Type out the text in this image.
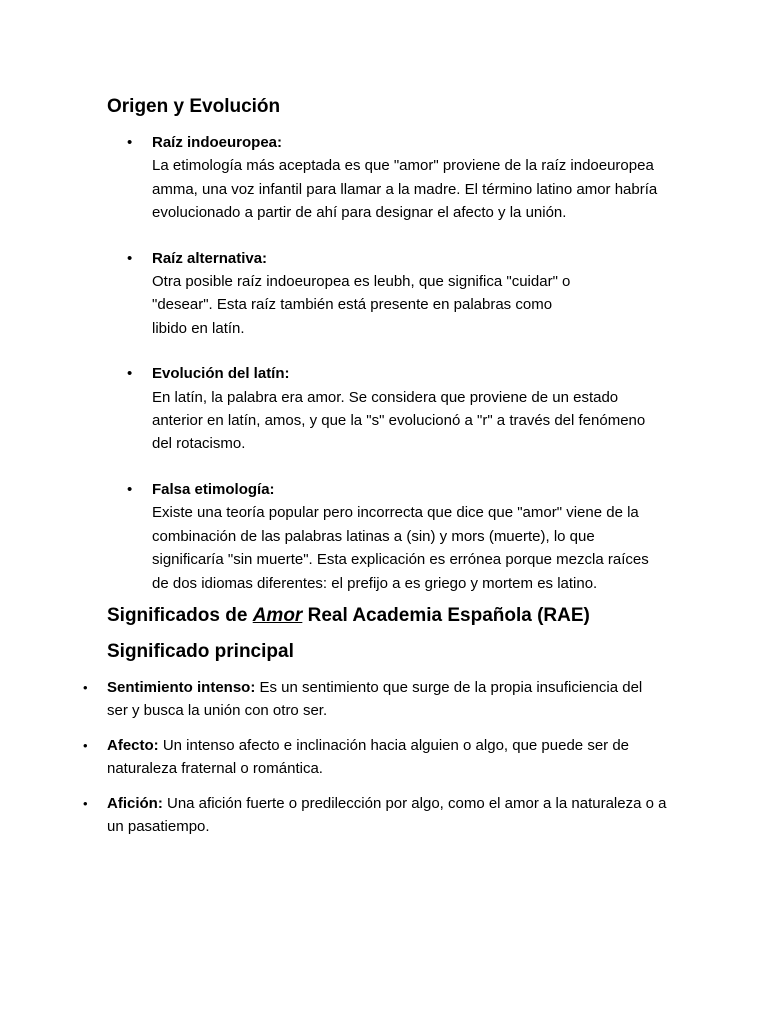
Origen y Evolución
• Raíz indoeuropea:
La etimología más aceptada es que "amor" proviene de la raíz indoeuropea amma, una voz infantil para llamar a la madre. El término latino amor habría evolucionado a partir de ahí para designar el afecto y la unión.
• Raíz alternativa:
Otra posible raíz indoeuropea es leubh, que significa "cuidar" o "desear". Esta raíz también está presente en palabras como libido en latín.
• Evolución del latín:
En latín, la palabra era amor. Se considera que proviene de un estado anterior en latín, amos, y que la "s" evolucionó a "r" a través del fenómeno del rotacismo.
• Falsa etimología:
Existe una teoría popular pero incorrecta que dice que "amor" viene de la combinación de las palabras latinas a (sin) y mors (muerte), lo que significaría "sin muerte". Esta explicación es errónea porque mezcla raíces de dos idiomas diferentes: el prefijo a es griego y mortem es latino.
Significados de Amor Real Academia Española (RAE)
Significado principal
• Sentimiento intenso: Es un sentimiento que surge de la propia insuficiencia del ser y busca la unión con otro ser.
• Afecto: Un intenso afecto e inclinación hacia alguien o algo, que puede ser de naturaleza fraternal o romántica.
• Afición: Una afición fuerte o predilección por algo, como el amor a la naturaleza o a un pasatiempo.
